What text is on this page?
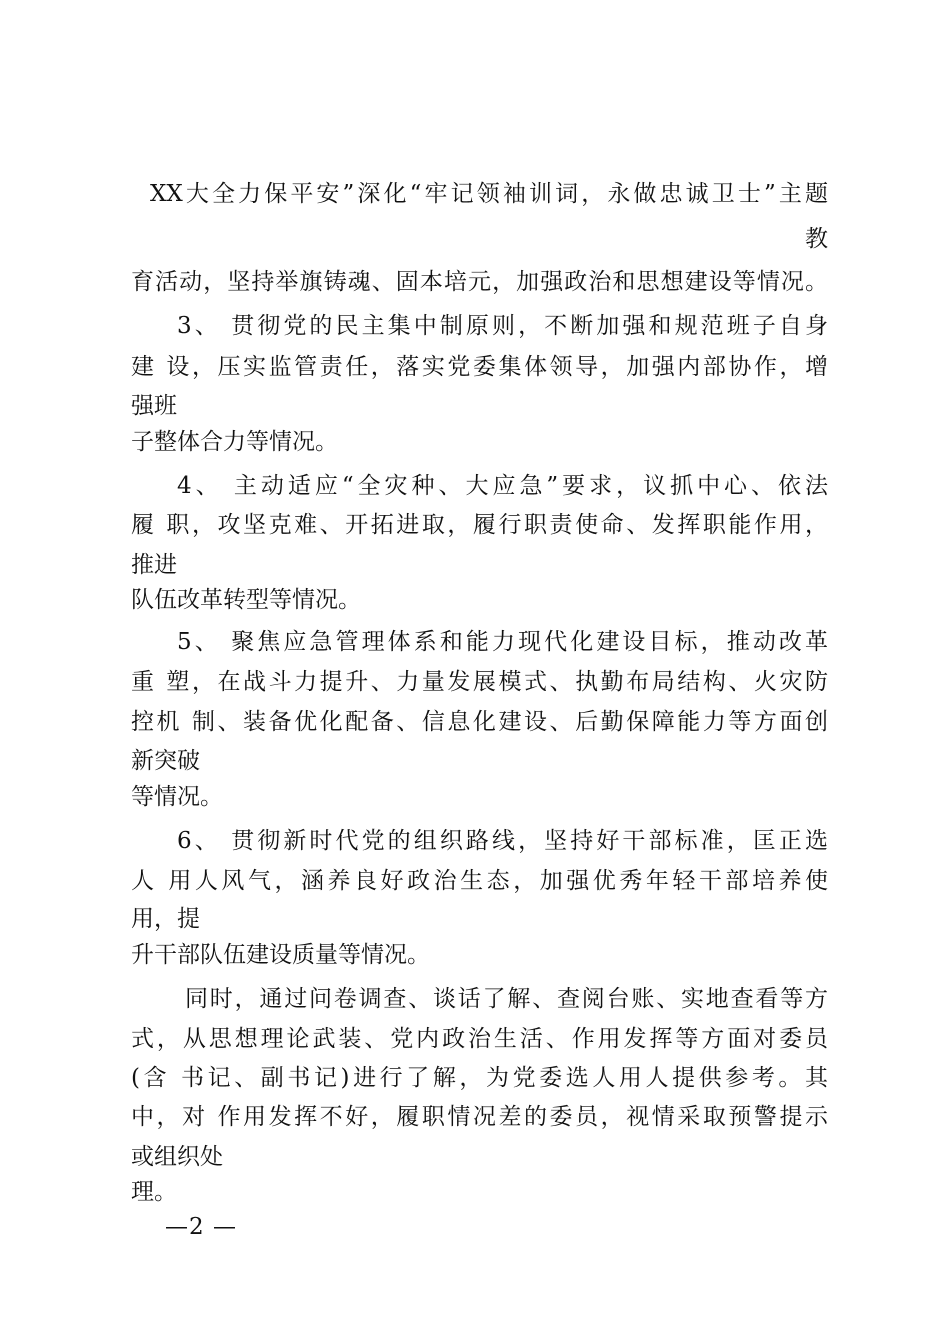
XX大全力保平安”深化“牢记领袖训词，永做忠诚卫士”主题
教
育活动，坚持举旗铸魂、固本培元，加强政治和思想建设等情况。
3、 贯彻党的民主集中制原则，不断加强和规范班子自身
建 设，压实监管责任，落实党委集体领导，加强内部协作，增
强班
子整体合力等情况。
4、 主动适应“全灾种、大应急”要求，议抓中心、依法
履 职，攻坚克难、开拓进取，履行职责使命、发挥职能作用，
推进
队伍改革转型等情况。
5、 聚焦应急管理体系和能力现代化建设目标，推动改革
重 塑，在战斗力提升、力量发展模式、执勤布局结构、火灾防
控机 制、装备优化配备、信息化建设、后勤保障能力等方面创
新突破
等情况。
6、 贯彻新时代党的组织路线，坚持好干部标准，匡正选
人 用人风气，涵养良好政治生态，加强优秀年轻干部培养使
用，提
升干部队伍建设质量等情况。
同时，通过问卷调查、谈话了解、查阅台账、实地查看等方
式，从思想理论武装、党内政治生活、作用发挥等方面对委员
(含 书记、副书记)进行了解，为党委选人用人提供参考。其
中，对 作用发挥不好，履职情况差的委员，视情采取预警提示
或组织处
理。
—2 —
